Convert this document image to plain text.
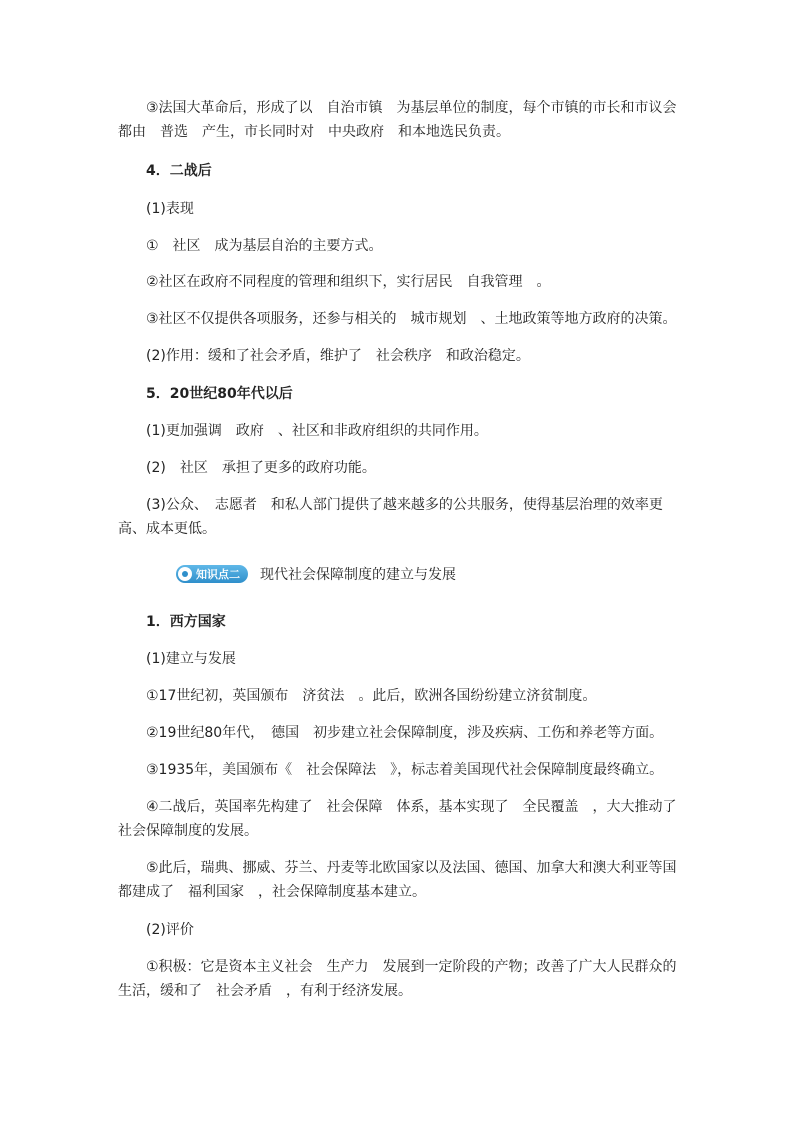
③法国大革命后，形成了以　自治市镇　为基层单位的制度，每个市镇的市长和市议会
都由　普选　产生，市长同时对　中央政府　和本地选民负责。
4．二战后
(1)表现
①　社区　成为基层自治的主要方式。
②社区在政府不同程度的管理和组织下，实行居民　自我管理　。
③社区不仅提供各项服务，还参与相关的　城市规划　、土地政策等地方政府的决策。
(2)作用：缓和了社会矛盾，维护了　社会秩序　和政治稳定。
5．20世纪80年代以后
(1)更加强调　政府　、社区和非政府组织的共同作用。
(2)　社区　承担了更多的政府功能。
(3)公众、　志愿者　和私人部门提供了越来越多的公共服务，使得基层治理的效率更
高、成本更低。
知识点二 现代社会保障制度的建立与发展
1．西方国家
(1)建立与发展
①17世纪初，英国颁布　济贫法　。此后，欧洲各国纷纷建立济贫制度。
②19世纪80年代，　德国　初步建立社会保障制度，涉及疾病、工伤和养老等方面。
③1935年，美国颁布《　社会保障法　》，标志着美国现代社会保障制度最终确立。
④二战后，英国率先构建了　社会保障　体系，基本实现了　全民覆盖　，大大推动了
社会保障制度的发展。
⑤此后，瑞典、挪威、芬兰、丹麦等北欧国家以及法国、德国、加拿大和澳大利亚等国
都建成了　福利国家　，社会保障制度基本建立。
(2)评价
①积极：它是资本主义社会　生产力　发展到一定阶段的产物；改善了广大人民群众的
生活，缓和了　社会矛盾　，有利于经济发展。
